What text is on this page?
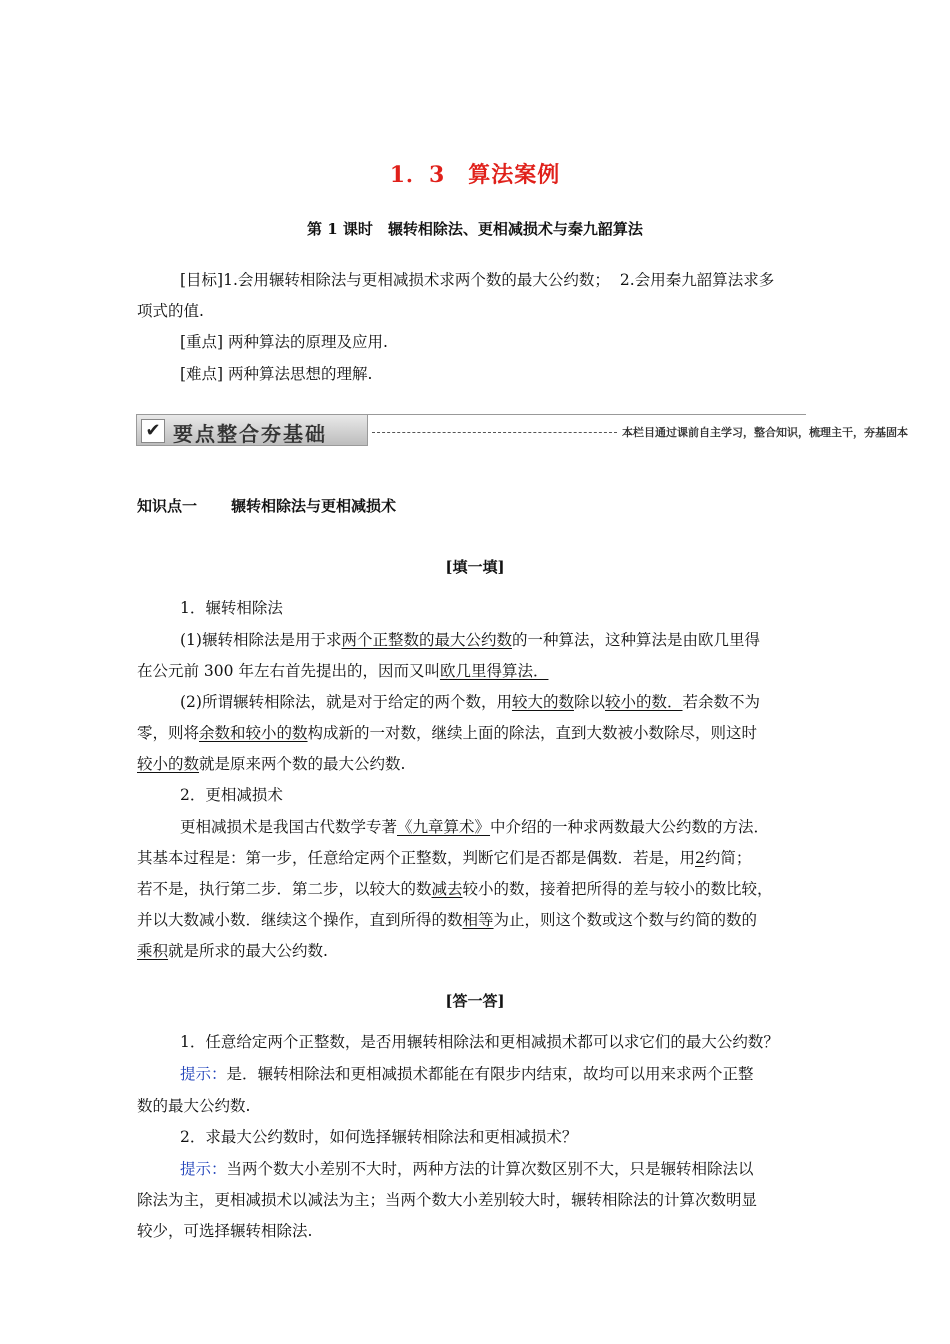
1．3　算法案例
第 1 课时　辗转相除法、更相减损术与秦九韶算法
[目标]1.会用辗转相除法与更相减损术求两个数的最大公约数； 2.会用秦九韶算法求多
项式的值.
[重点] 两种算法的原理及应用.
[难点] 两种算法思想的理解.
✔ 要点整合夯基础	本栏目通过课前自主学习，整合知识，梳理主干，夯基固本
知识点一 辗转相除法与更相减损术
[填一填]
1．辗转相除法
(1)辗转相除法是用于求两个正整数的最大公约数的一种算法，这种算法是由欧几里得
在公元前 300 年左右首先提出的，因而又叫欧几里得算法．
(2)所谓辗转相除法，就是对于给定的两个数，用较大的数除以较小的数．若余数不为
零，则将余数和较小的数构成新的一对数，继续上面的除法，直到大数被小数除尽，则这时
较小的数就是原来两个数的最大公约数.
2．更相减损术
更相减损术是我国古代数学专著《九章算术》中介绍的一种求两数最大公约数的方法．
其基本过程是：第一步，任意给定两个正整数，判断它们是否都是偶数．若是，用2约简；
若不是，执行第二步．第二步，以较大的数减去较小的数，接着把所得的差与较小的数比较，
并以大数减小数．继续这个操作，直到所得的数相等为止，则这个数或这个数与约简的数的
乘积就是所求的最大公约数.
[答一答]
1．任意给定两个正整数，是否用辗转相除法和更相减损术都可以求它们的最大公约数？
提示：是．辗转相除法和更相减损术都能在有限步内结束，故均可以用来求两个正整
数的最大公约数.
2．求最大公约数时，如何选择辗转相除法和更相减损术？
提示：当两个数大小差别不大时，两种方法的计算次数区别不大，只是辗转相除法以
除法为主，更相减损术以减法为主；当两个数大小差别较大时，辗转相除法的计算次数明显
较少，可选择辗转相除法.
